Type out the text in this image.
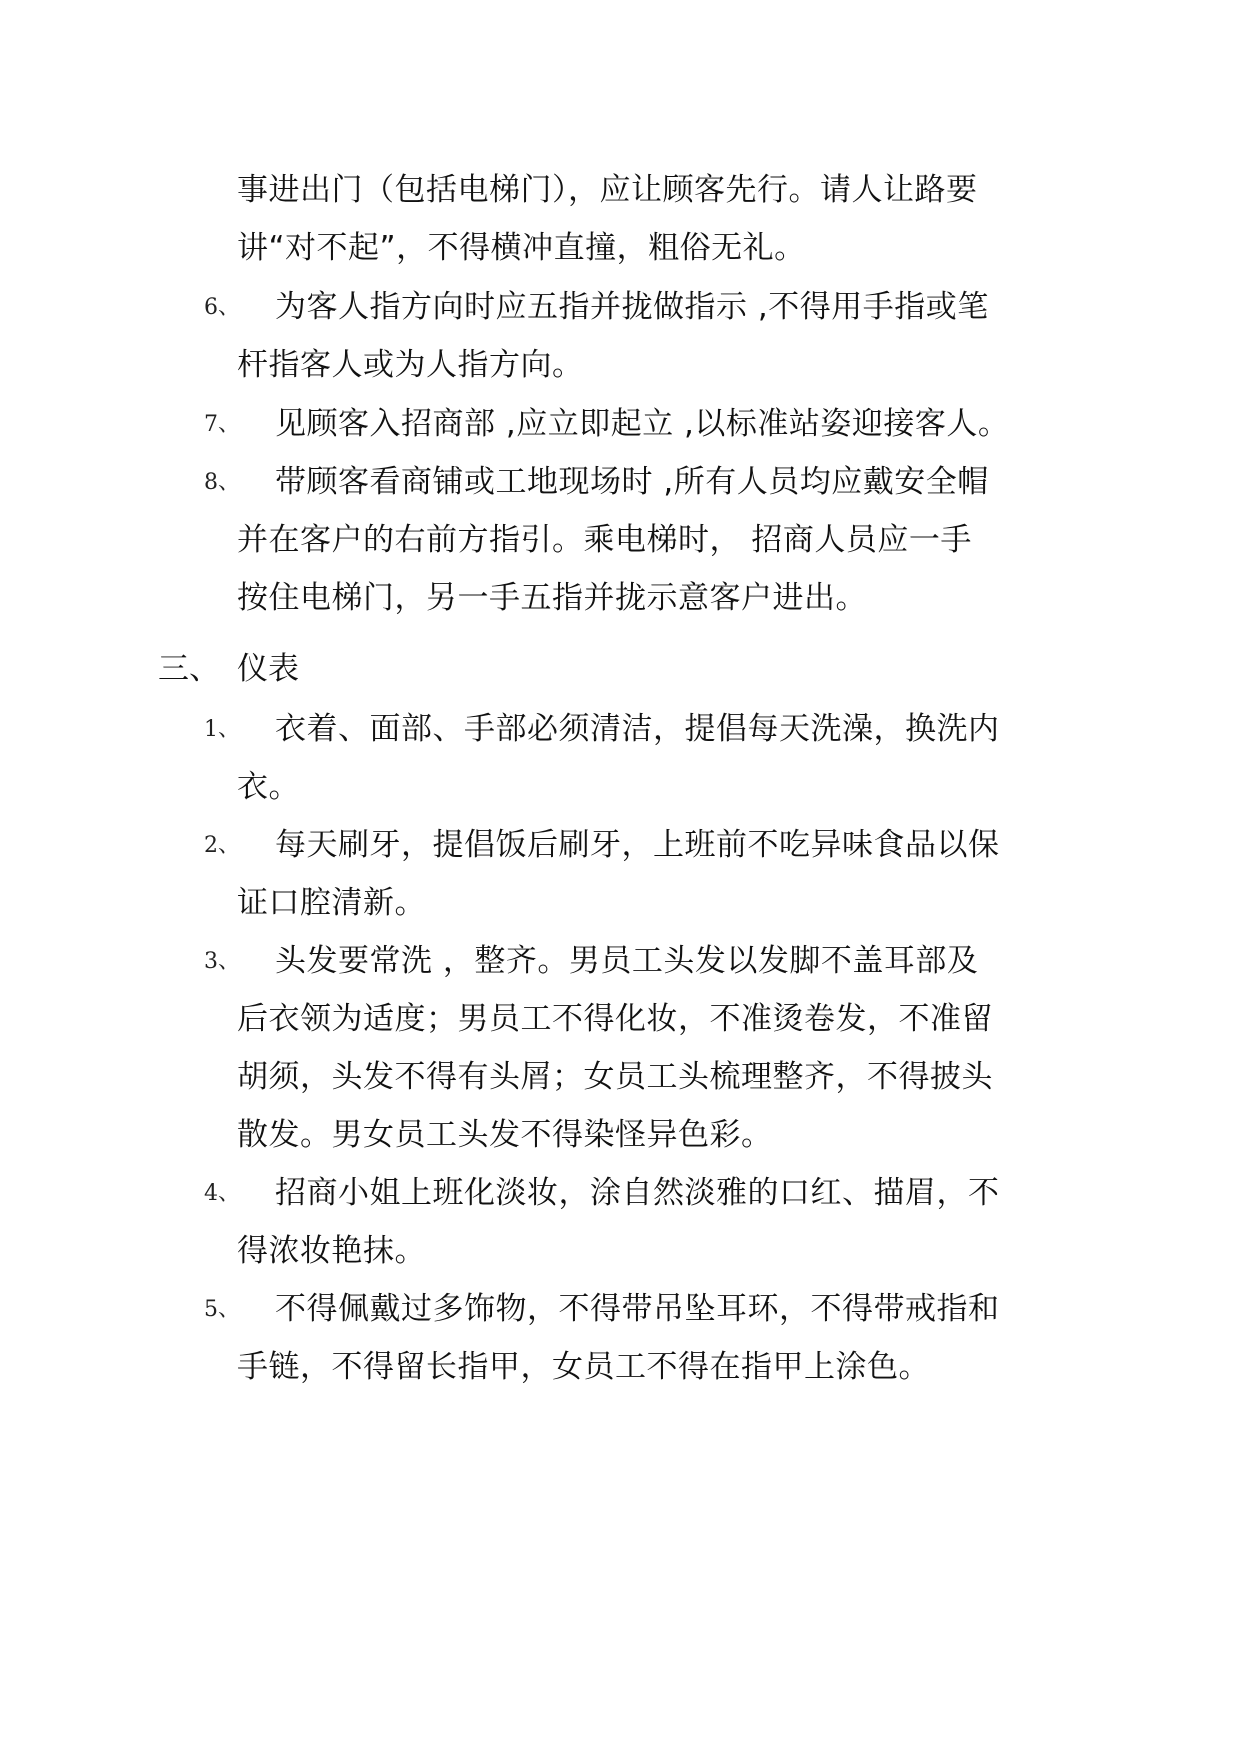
事进出门（包括电梯门），应让顾客先行。请人让路要
讲“对不起”，不得横冲直撞，粗俗无礼。
6、 为客人指方向时应五指并拢做指示 ,不得用手指或笔
杆指客人或为人指方向。
7、 见顾客入招商部 ,应立即起立 ,以标准站姿迎接客人。
8、 带顾客看商铺或工地现场时 ,所有人员均应戴安全帽
并在客户的右前方指引。乘电梯时， 招商人员应一手
按住电梯门，另一手五指并拢示意客户进出。
三、 仪表
1、 衣着、面部、手部必须清洁，提倡每天洗澡，换洗内
衣。
2、 每天刷牙，提倡饭后刷牙，上班前不吃异味食品以保
证口腔清新。
3、 头发要常洗 ，整齐。男员工头发以发脚不盖耳部及
后衣领为适度；男员工不得化妆，不准烫卷发，不准留
胡须，头发不得有头屑；女员工头梳理整齐，不得披头
散发。男女员工头发不得染怪异色彩。
4、 招商小姐上班化淡妆，涂自然淡雅的口红、描眉，不
得浓妆艳抹。
5、 不得佩戴过多饰物，不得带吊坠耳环，不得带戒指和
手链，不得留长指甲，女员工不得在指甲上涂色。
